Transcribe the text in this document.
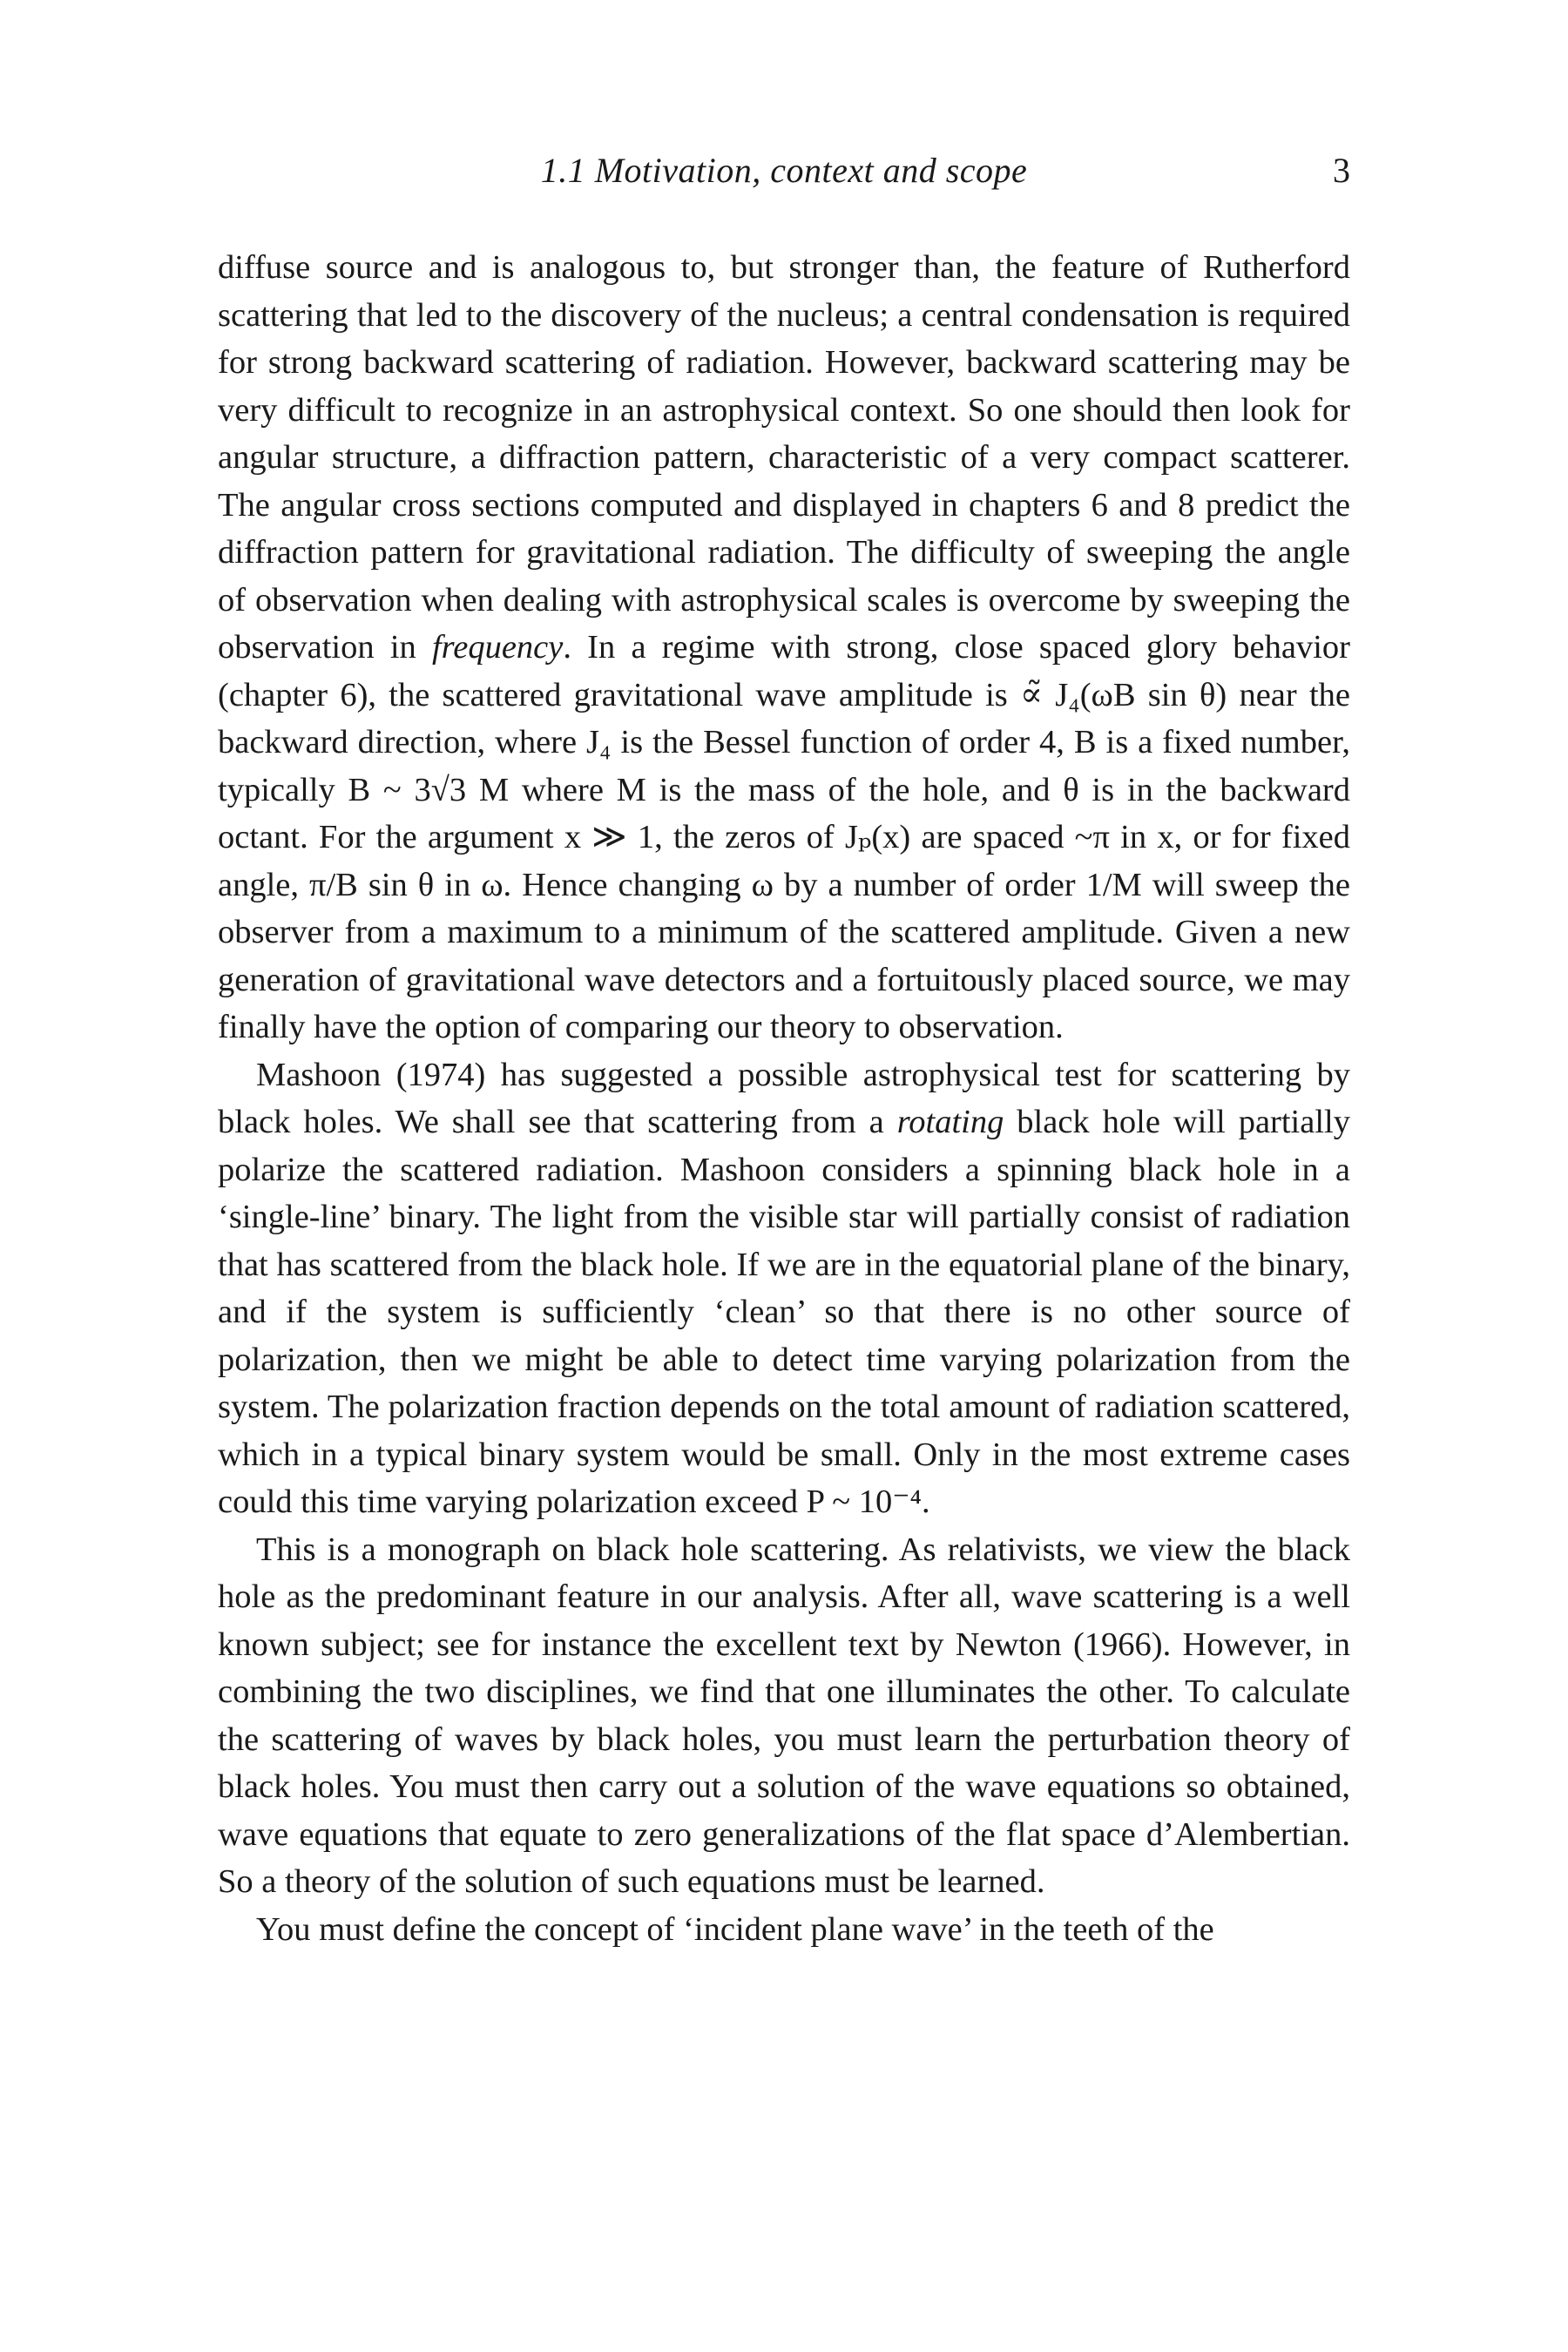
1.1 Motivation, context and scope	3

diffuse source and is analogous to, but stronger than, the feature of Rutherford scattering that led to the discovery of the nucleus; a central condensation is required for strong backward scattering of radiation. However, backward scattering may be very difficult to recognize in an astrophysical context. So one should then look for angular structure, a diffraction pattern, characteristic of a very compact scatterer. The angular cross sections computed and displayed in chapters 6 and 8 predict the diffraction pattern for gravitational radiation. The difficulty of sweeping the angle of observation when dealing with astrophysical scales is overcome by sweeping the observation in frequency. In a regime with strong, close spaced glory behavior (chapter 6), the scattered gravitational wave amplitude is ∝̃ J₄(ωB sin θ) near the backward direction, where J₄ is the Bessel function of order 4, B is a fixed number, typically B ~ 3√3 M where M is the mass of the hole, and θ is in the backward octant. For the argument x ≫ 1, the zeros of Jₚ(x) are spaced ~π in x, or for fixed angle, π/B sin θ in ω. Hence changing ω by a number of order 1/M will sweep the observer from a maximum to a minimum of the scattered amplitude. Given a new generation of gravitational wave detectors and a fortuitously placed source, we may finally have the option of comparing our theory to observation.

Mashoon (1974) has suggested a possible astrophysical test for scattering by black holes. We shall see that scattering from a rotating black hole will partially polarize the scattered radiation. Mashoon considers a spinning black hole in a ‘single-line’ binary. The light from the visible star will partially consist of radiation that has scattered from the black hole. If we are in the equatorial plane of the binary, and if the system is sufficiently ‘clean’ so that there is no other source of polarization, then we might be able to detect time varying polarization from the system. The polarization fraction depends on the total amount of radiation scattered, which in a typical binary system would be small. Only in the most extreme cases could this time varying polarization exceed P ~ 10⁻⁴.

This is a monograph on black hole scattering. As relativists, we view the black hole as the predominant feature in our analysis. After all, wave scattering is a well known subject; see for instance the excellent text by Newton (1966). However, in combining the two disciplines, we find that one illuminates the other. To calculate the scattering of waves by black holes, you must learn the perturbation theory of black holes. You must then carry out a solution of the wave equations so obtained, wave equations that equate to zero generalizations of the flat space d’Alembertian. So a theory of the solution of such equations must be learned.

You must define the concept of ‘incident plane wave’ in the teeth of the
